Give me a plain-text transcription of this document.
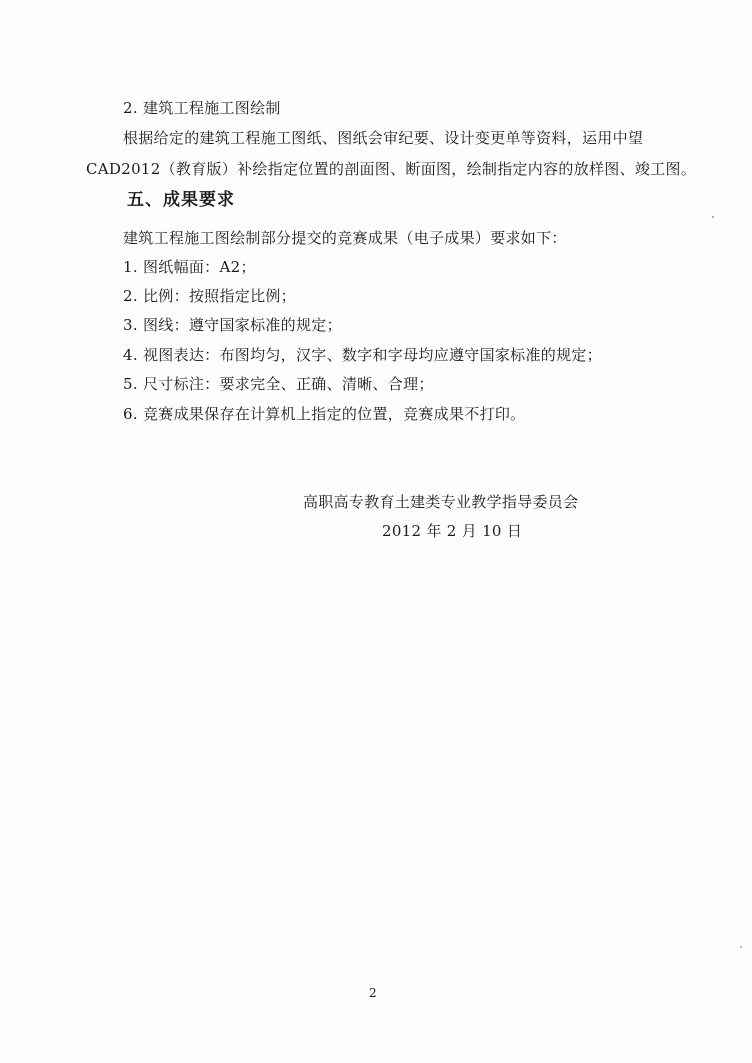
2. 建筑工程施工图绘制
根据给定的建筑工程施工图纸、图纸会审纪要、设计变更单等资料，运用中望
CAD2012（教育版）补绘指定位置的剖面图、断面图，绘制指定内容的放样图、竣工图。
五、成果要求
建筑工程施工图绘制部分提交的竞赛成果（电子成果）要求如下：
1. 图纸幅面：A2；
2. 比例：按照指定比例；
3. 图线：遵守国家标准的规定；
4. 视图表达：布图均匀，汉字、数字和字母均应遵守国家标准的规定；
5. 尺寸标注：要求完全、正确、清晰、合理；
6. 竞赛成果保存在计算机上指定的位置，竞赛成果不打印。
高职高专教育土建类专业教学指导委员会
2012 年 2 月 10 日
2
